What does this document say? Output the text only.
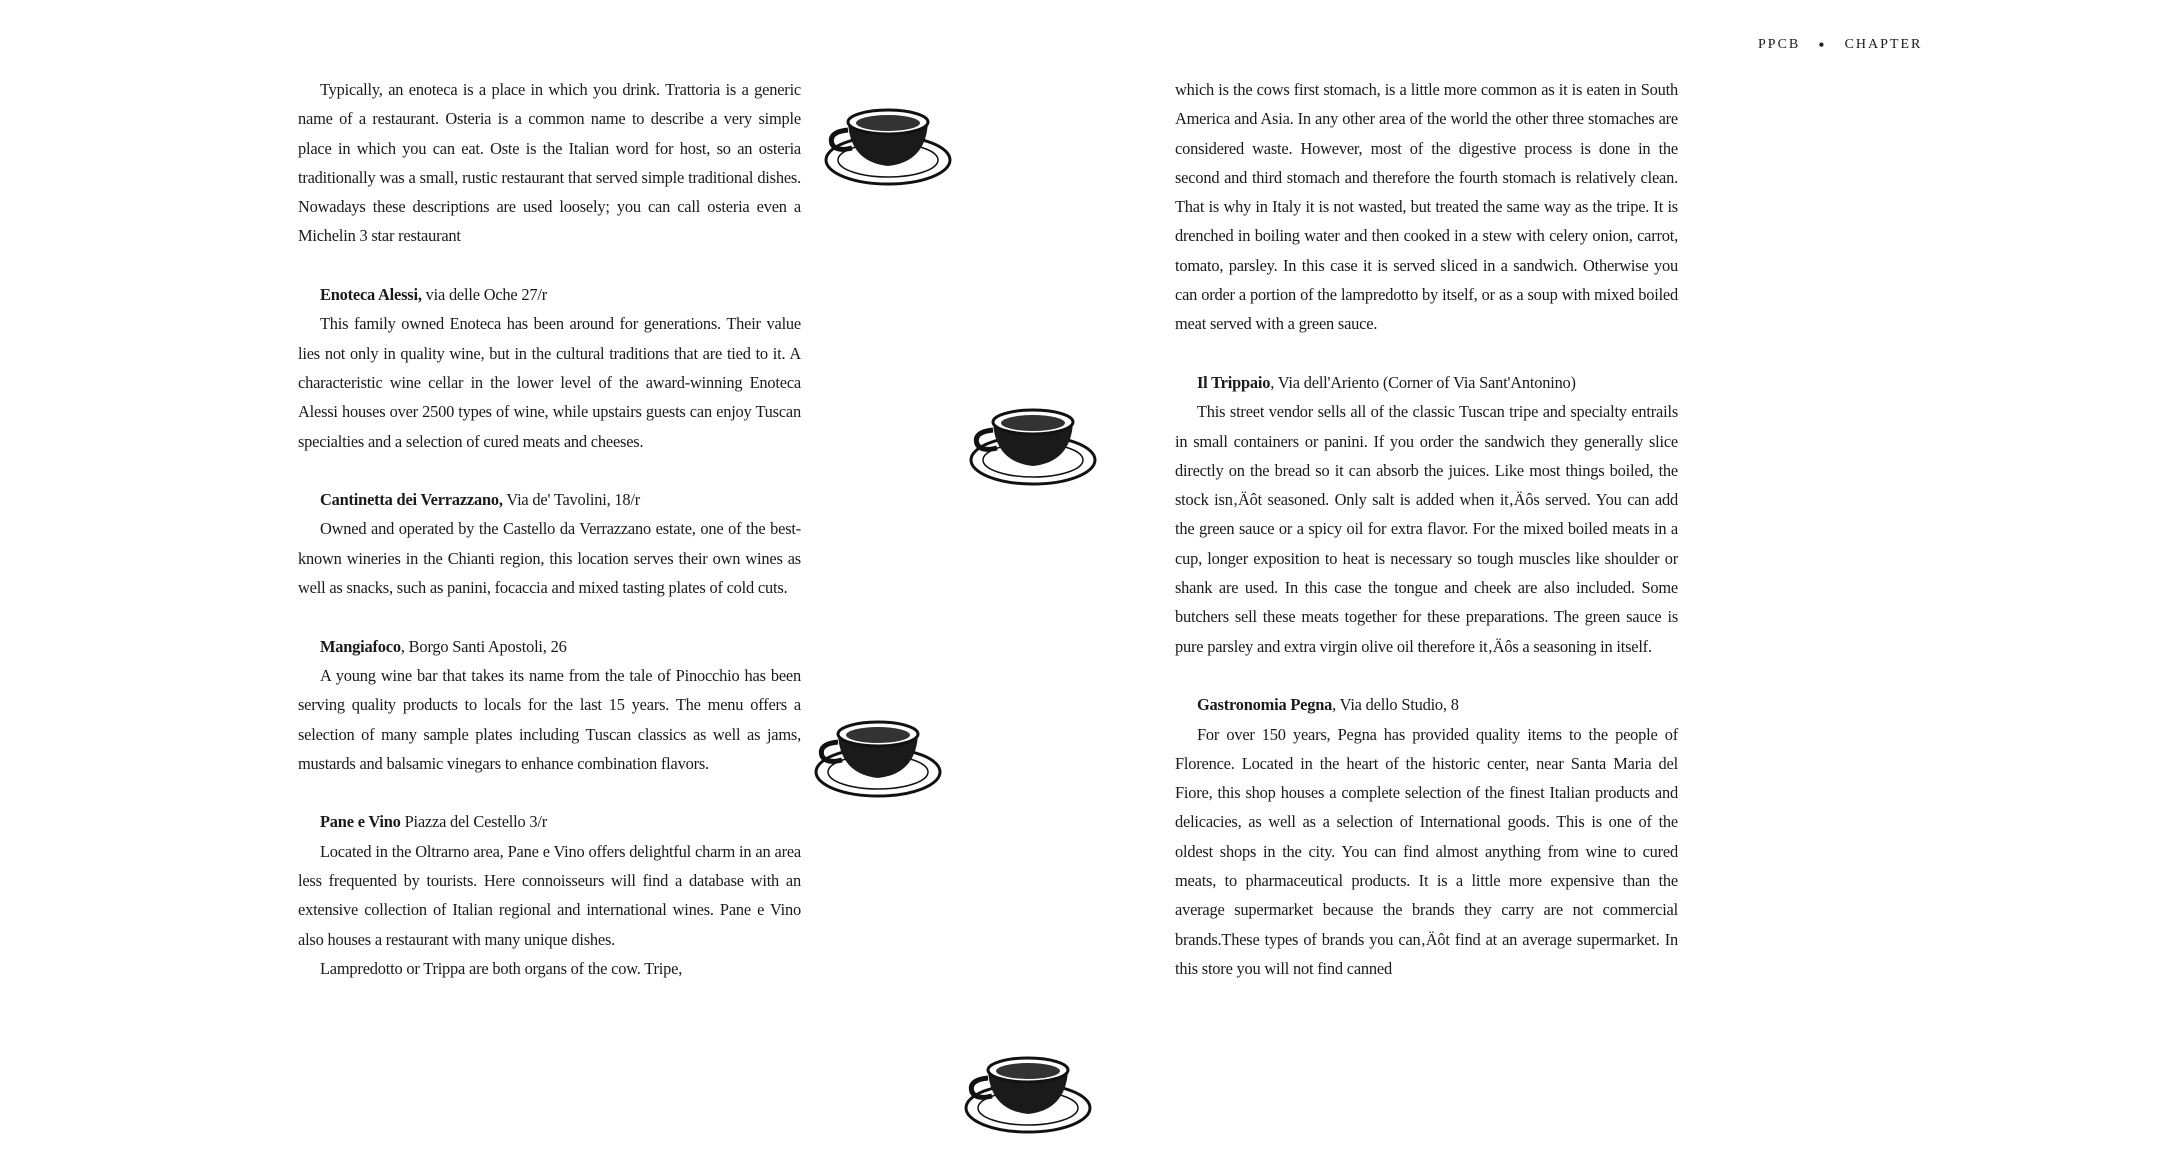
PPCB • CHAPTER

Typically, an enoteca is a place in which you drink. Trattoria is a generic name of a restaurant. Osteria is a common name to describe a very simple place in which you can eat. Oste is the Italian word for host, so an osteria traditionally was a small, rustic restaurant that served simple traditional dishes. Nowadays these descriptions are used loosely; you can call osteria even a Michelin 3 star restaurant

Enoteca Alessi, via delle Oche 27/r

This family owned Enoteca has been around for generations. Their value lies not only in quality wine, but in the cultural traditions that are tied to it. A characteristic wine cellar in the lower level of the award-winning Enoteca Alessi houses over 2500 types of wine, while upstairs guests can enjoy Tuscan specialties and a selection of cured meats and cheeses.

Cantinetta dei Verrazzano, Via de' Tavolini, 18/r

Owned and operated by the Castello da Verrazzano estate, one of the best-known wineries in the Chianti region, this location serves their own wines as well as snacks, such as panini, focaccia and mixed tasting plates of cold cuts.

Mangiafoco, Borgo Santi Apostoli, 26

A young wine bar that takes its name from the tale of Pinocchio has been serving quality products to locals for the last 15 years. The menu offers a selection of many sample plates including Tuscan classics as well as jams, mustards and balsamic vinegars to enhance combination flavors.

Pane e Vino Piazza del Cestello 3/r

Located in the Oltrarno area, Pane e Vino offers delightful charm in an area less frequented by tourists. Here connoisseurs will find a database with an extensive collection of Italian regional and international wines. Pane e Vino also houses a restaurant with many unique dishes.

Lampredotto or Trippa are both organs of the cow. Tripe,

which is the cows first stomach, is a little more common as it is eaten in South America and Asia. In any other area of the world the other three stomaches are considered waste. However, most of the digestive process is done in the second and third stomach and therefore the fourth stomach is relatively clean. That is why in Italy it is not wasted, but treated the same way as the tripe. It is drenched in boiling water and then cooked in a stew with celery onion, carrot, tomato, parsley. In this case it is served sliced in a sandwich. Otherwise you can order a portion of the lampredotto by itself, or as a soup with mixed boiled meat served with a green sauce.

Il Trippaio, Via dell'Ariento (Corner of Via Sant'Antonino)

This street vendor sells all of the classic Tuscan tripe and specialty entrails in small containers or panini. If you order the sandwich they generally slice directly on the bread so it can absorb the juices. Like most things boiled, the stock isn‚Äôt seasoned. Only salt is added when it‚Äôs served. You can add the green sauce or a spicy oil for extra flavor. For the mixed boiled meats in a cup, longer exposition to heat is necessary so tough muscles like shoulder or shank are used. In this case the tongue and cheek are also included. Some butchers sell these meats together for these preparations. The green sauce is pure parsley and extra virgin olive oil therefore it‚Äôs a seasoning in itself.

Gastronomia Pegna, Via dello Studio, 8

For over 150 years, Pegna has provided quality items to the people of Florence. Located in the heart of the historic center, near Santa Maria del Fiore, this shop houses a complete selection of the finest Italian products and delicacies, as well as a selection of International goods. This is one of the oldest shops in the city. You can find almost anything from wine to cured meats, to pharmaceutical products. It is a little more expensive than the average supermarket because the brands they carry are not commercial brands.These types of brands you can‚Äôt find at an average supermarket. In this store you will not find canned
